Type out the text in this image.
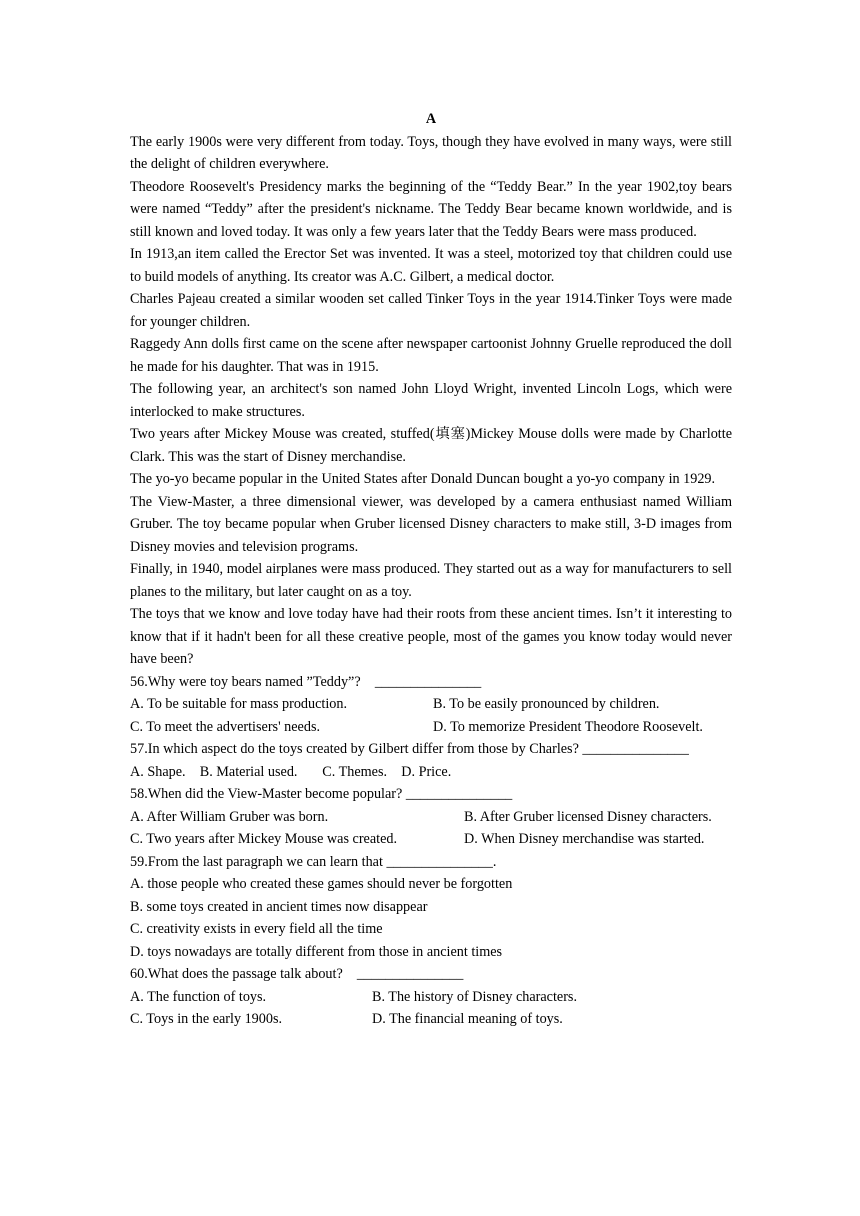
A

The early 1900s were very different from today. Toys, though they have evolved in many ways, were still the delight of children everywhere.

Theodore Roosevelt's Presidency marks the beginning of the “Teddy Bear.” In the year 1902,toy bears were named “Teddy” after the president's nickname. The Teddy Bear became known worldwide, and is still known and loved today. It was only a few years later that the Teddy Bears were mass produced.

In 1913,an item called the Erector Set was invented. It was a steel, motorized toy that children could use to build models of anything. Its creator was A.C. Gilbert, a medical doctor.

Charles Pajeau created a similar wooden set called Tinker Toys in the year 1914.Tinker Toys were made for younger children.

Raggedy Ann dolls first came on the scene after newspaper cartoonist Johnny Gruelle reproduced the doll he made for his daughter. That was in 1915.

The following year, an architect's son named John Lloyd Wright, invented Lincoln Logs, which were interlocked to make structures.

Two years after Mickey Mouse was created, stuffed(填塞)Mickey Mouse dolls were made by Charlotte Clark. This was the start of Disney merchandise.

The yo-yo became popular in the United States after Donald Duncan bought a yo-yo company in 1929.

The View-Master, a three dimensional viewer, was developed by a camera enthusiast named William Gruber. The toy became popular when Gruber licensed Disney characters to make still, 3-D images from Disney movies and television programs.

Finally, in 1940, model airplanes were mass produced. They started out as a way for manufacturers to sell planes to the military, but later caught on as a toy.

The toys that we know and love today have had their roots from these ancient times. Isn’t it interesting to know that if it hadn't been for all these creative people, most of the games you know today would never have been?

56.Why were toy bears named ”Teddy”?    _______________

A. To be suitable for mass production.	B. To be easily pronounced by children.
C. To meet the advertisers' needs.	D. To memorize President Theodore Roosevelt.

57.In which aspect do the toys created by Gilbert differ from those by Charles? _______________

A. Shape.    B. Material used.       C. Themes.    D. Price.

58.When did the View-Master become popular? _______________

A. After William Gruber was born.	B. After Gruber licensed Disney characters.
C. Two years after Mickey Mouse was created.	D. When Disney merchandise was started.

59.From the last paragraph we can learn that _______________.

A. those people who created these games should never be forgotten

B. some toys created in ancient times now disappear

C. creativity exists in every field all the time

D. toys nowadays are totally different from those in ancient times

60.What does the passage talk about?    _______________

A. The function of toys.	B. The history of Disney characters.
C. Toys in the early 1900s.	D. The financial meaning of toys.
